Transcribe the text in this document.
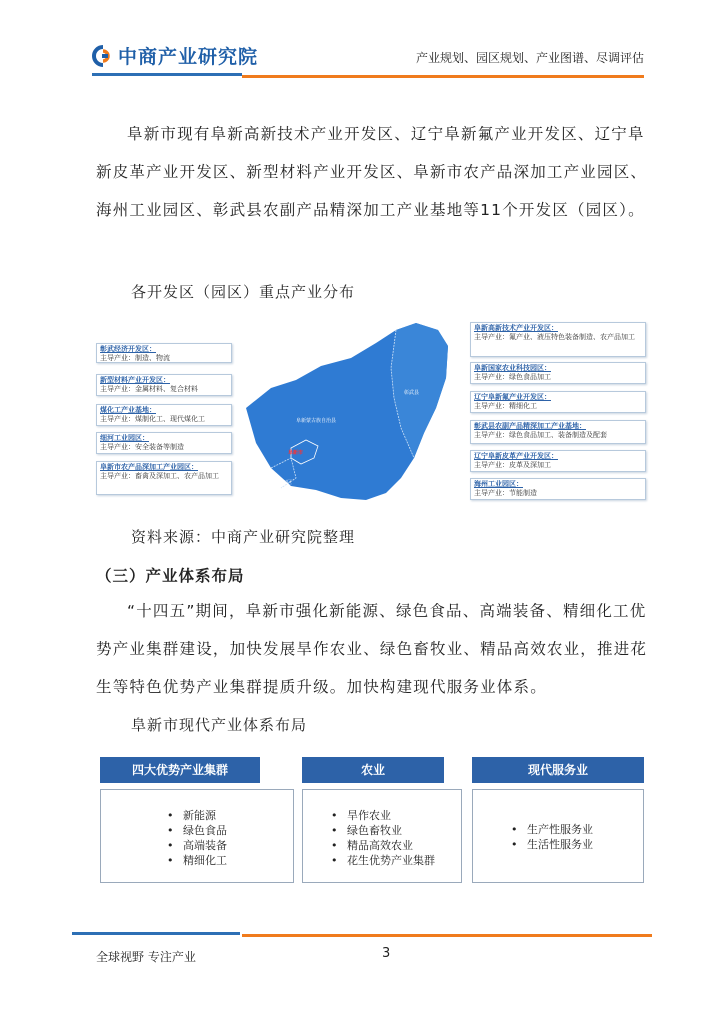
中商产业研究院	产业规划、园区规划、产业图谱、尽调评估

阜新市现有阜新高新技术产业开发区、辽宁阜新氟产业开发区、辽宁阜新皮革产业开发区、新型材料产业开发区、阜新市农产品深加工产业园区、海州工业园区、彰武县农副产品精深加工产业基地等11个开发区（园区）。

各开发区（园区）重点产业分布
阜新蒙古族自治县
彰武县
阜新市
清河门区
彰武经济开发区：
主导产业：制造、物流
新型材料产业开发区：
主导产业：金属材料、复合材料
煤化工产业基地：
主导产业：煤制化工、现代煤化工
细河工业园区：
主导产业：安全装备等制造
阜新市农产品深加工产业园区：
主导产业：畜禽及深加工、农产品加工
阜新高新技术产业开发区：
主导产业：氟产业、液压特色装备制造、农产品加工
阜新国家农业科技园区：
主导产业：绿色食品加工
辽宁阜新氟产业开发区：
主导产业：精细化工
彰武县农副产品精深加工产业基地：
主导产业：绿色食品加工、装备制造及配套
辽宁阜新皮革产业开发区：
主导产业：皮革及深加工
海州工业园区：
主导产业：节能制造
资料来源：中商产业研究院整理
（三）产业体系布局

“十四五”期间，阜新市强化新能源、绿色食品、高端装备、精细化工优势产业集群建设，加快发展旱作农业、绿色畜牧业、精品高效农业，推进花生等特色优势产业集群提质升级。加快构建现代服务业体系。

阜新市现代产业体系布局
四大优势产业集群	农业	现代服务业
• 新能源
• 绿色食品
• 高端装备
• 精细化工
• 旱作农业
• 绿色畜牧业
• 精品高效农业
• 花生优势产业集群
• 生产性服务业
• 生活性服务业
全球视野 专注产业	3
